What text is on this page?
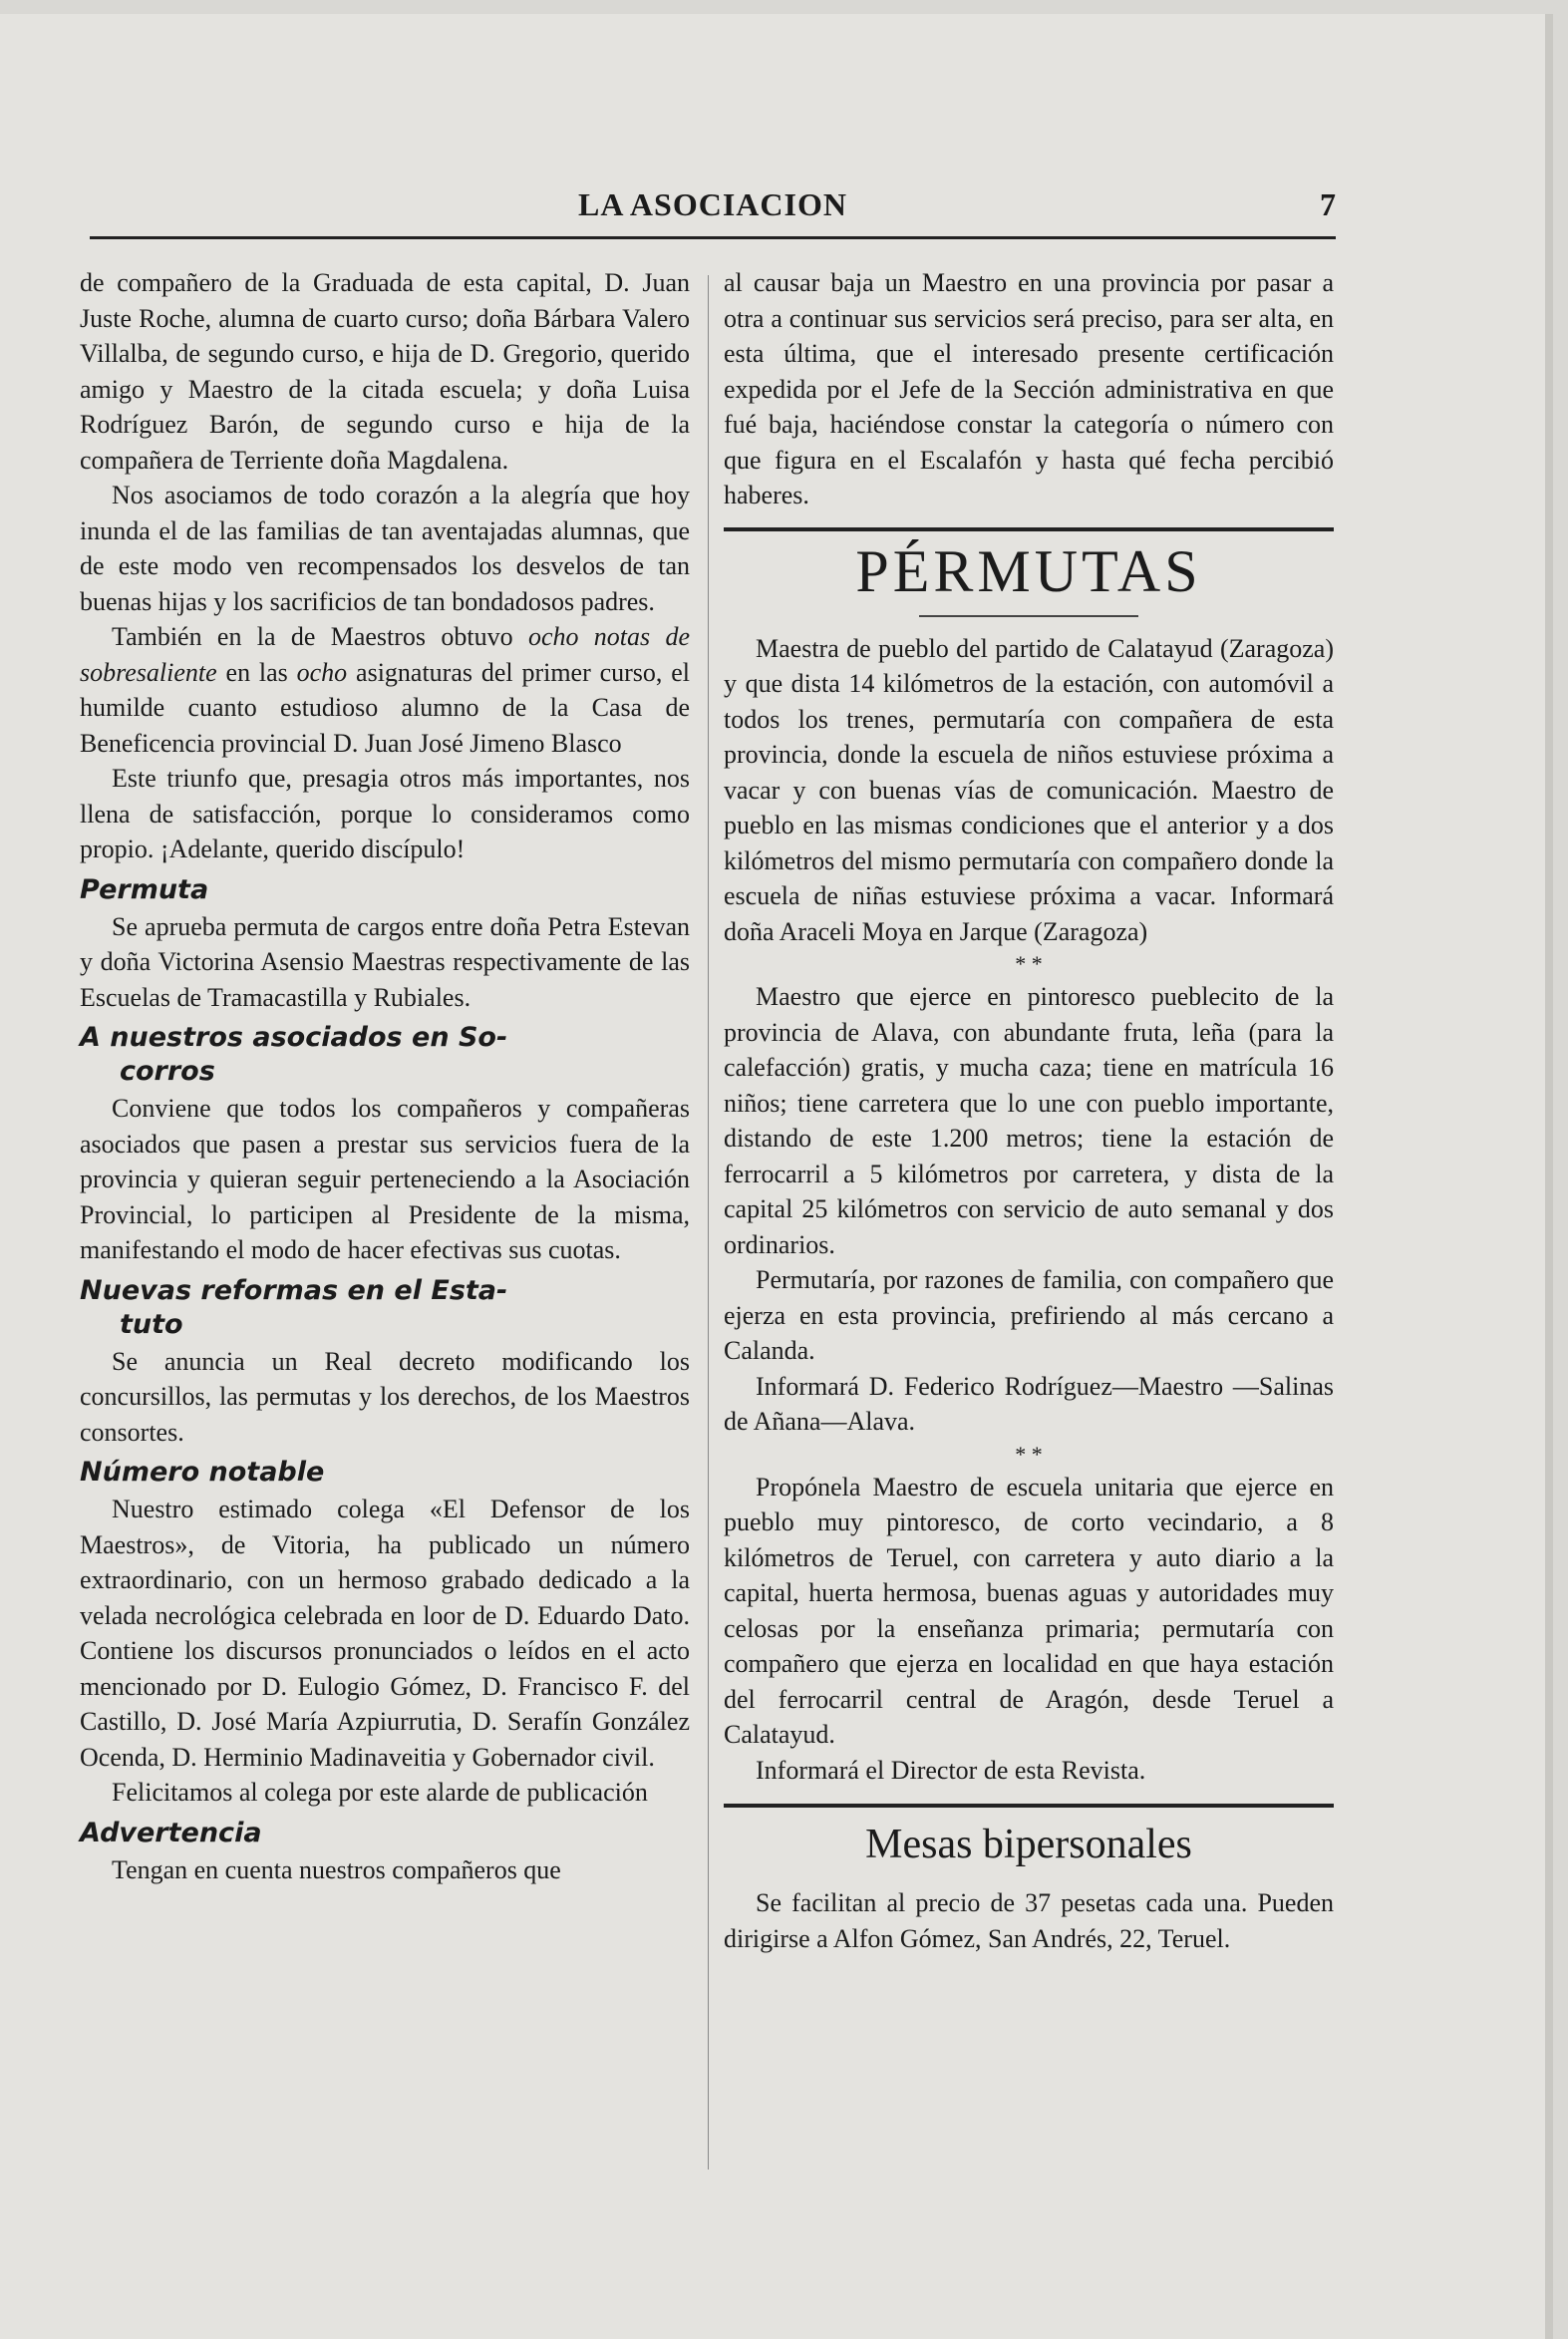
LA ASOCIACION	7

de compañero de la Graduada de esta capital, D. Juan Juste Roche, alumna de cuarto curso; doña Bárbara Valero Villalba, de segundo curso, e hija de D. Gregorio, querido amigo y Maestro de la citada escuela; y doña Luisa Rodríguez Barón, de segundo curso e hija de la compañera de Terriente doña Magdalena.

Nos asociamos de todo corazón a la alegría que hoy inunda el de las familias de tan aventajadas alumnas, que de este modo ven recompensados los desvelos de tan buenas hijas y los sacrificios de tan bondadosos padres.

También en la de Maestros obtuvo ocho notas de sobresaliente en las ocho asignaturas del primer curso, el humilde cuanto estudioso alumno de la Casa de Beneficencia provincial D. Juan José Jimeno Blasco

Este triunfo que, presagia otros más importantes, nos llena de satisfacción, porque lo consideramos como propio. ¡Adelante, querido discípulo!

Permuta

Se aprueba permuta de cargos entre doña Petra Estevan y doña Victorina Asensio Maestras respectivamente de las Escuelas de Tramacastilla y Rubiales.

A nuestros asociados en So-
corros

Conviene que todos los compañeros y compañeras asociados que pasen a prestar sus servicios fuera de la provincia y quieran seguir perteneciendo a la Asociación Provincial, lo participen al Presidente de la misma, manifestando el modo de hacer efectivas sus cuotas.

Nuevas reformas en el Esta-
tuto

Se anuncia un Real decreto modificando los concursillos, las permutas y los derechos, de los Maestros consortes.

Número notable

Nuestro estimado colega «El Defensor de los Maestros», de Vitoria, ha publicado un número extraordinario, con un hermoso grabado dedicado a la velada necrológica celebrada en loor de D. Eduardo Dato. Contiene los discursos pronunciados o leídos en el acto mencionado por D. Eulogio Gómez, D. Francisco F. del Castillo, D. José María Azpiurrutia, D. Serafín González Ocenda, D. Herminio Madinaveitia y Gobernador civil.

Felicitamos al colega por este alarde de publicación

Advertencia

Tengan en cuenta nuestros compañeros que

al causar baja un Maestro en una provincia por pasar a otra a continuar sus servicios será preciso, para ser alta, en esta última, que el interesado presente certificación expedida por el Jefe de la Sección administrativa en que fué baja, haciéndose constar la categoría o número con que figura en el Escalafón y hasta qué fecha percibió haberes.

PÉRMUTAS

Maestra de pueblo del partido de Calatayud (Zaragoza) y que dista 14 kilómetros de la estación, con automóvil a todos los trenes, permutaría con compañera de esta provincia, donde la escuela de niños estuviese próxima a vacar y con buenas vías de comunicación. Maestro de pueblo en las mismas condiciones que el anterior y a dos kilómetros del mismo permutaría con compañero donde la escuela de niñas estuviese próxima a vacar. Informará doña Araceli Moya en Jarque (Zaragoza)

* *

Maestro que ejerce en pintoresco pueblecito de la provincia de Alava, con abundante fruta, leña (para la calefacción) gratis, y mucha caza; tiene en matrícula 16 niños; tiene carretera que lo une con pueblo importante, distando de este 1.200 metros; tiene la estación de ferrocarril a 5 kilómetros por carretera, y dista de la capital 25 kilómetros con servicio de auto semanal y dos ordinarios.

Permutaría, por razones de familia, con compañero que ejerza en esta provincia, prefiriendo al más cercano a Calanda.

Informará D. Federico Rodríguez—Maestro —Salinas de Añana—Alava.

* *

Propónela Maestro de escuela unitaria que ejerce en pueblo muy pintoresco, de corto vecindario, a 8 kilómetros de Teruel, con carretera y auto diario a la capital, huerta hermosa, buenas aguas y autoridades muy celosas por la enseñanza primaria; permutaría con compañero que ejerza en localidad en que haya estación del ferrocarril central de Aragón, desde Teruel a Calatayud.

Informará el Director de esta Revista.

Mesas bipersonales

Se facilitan al precio de 37 pesetas cada una. Pueden dirigirse a Alfon Gómez, San Andrés, 22, Teruel.
